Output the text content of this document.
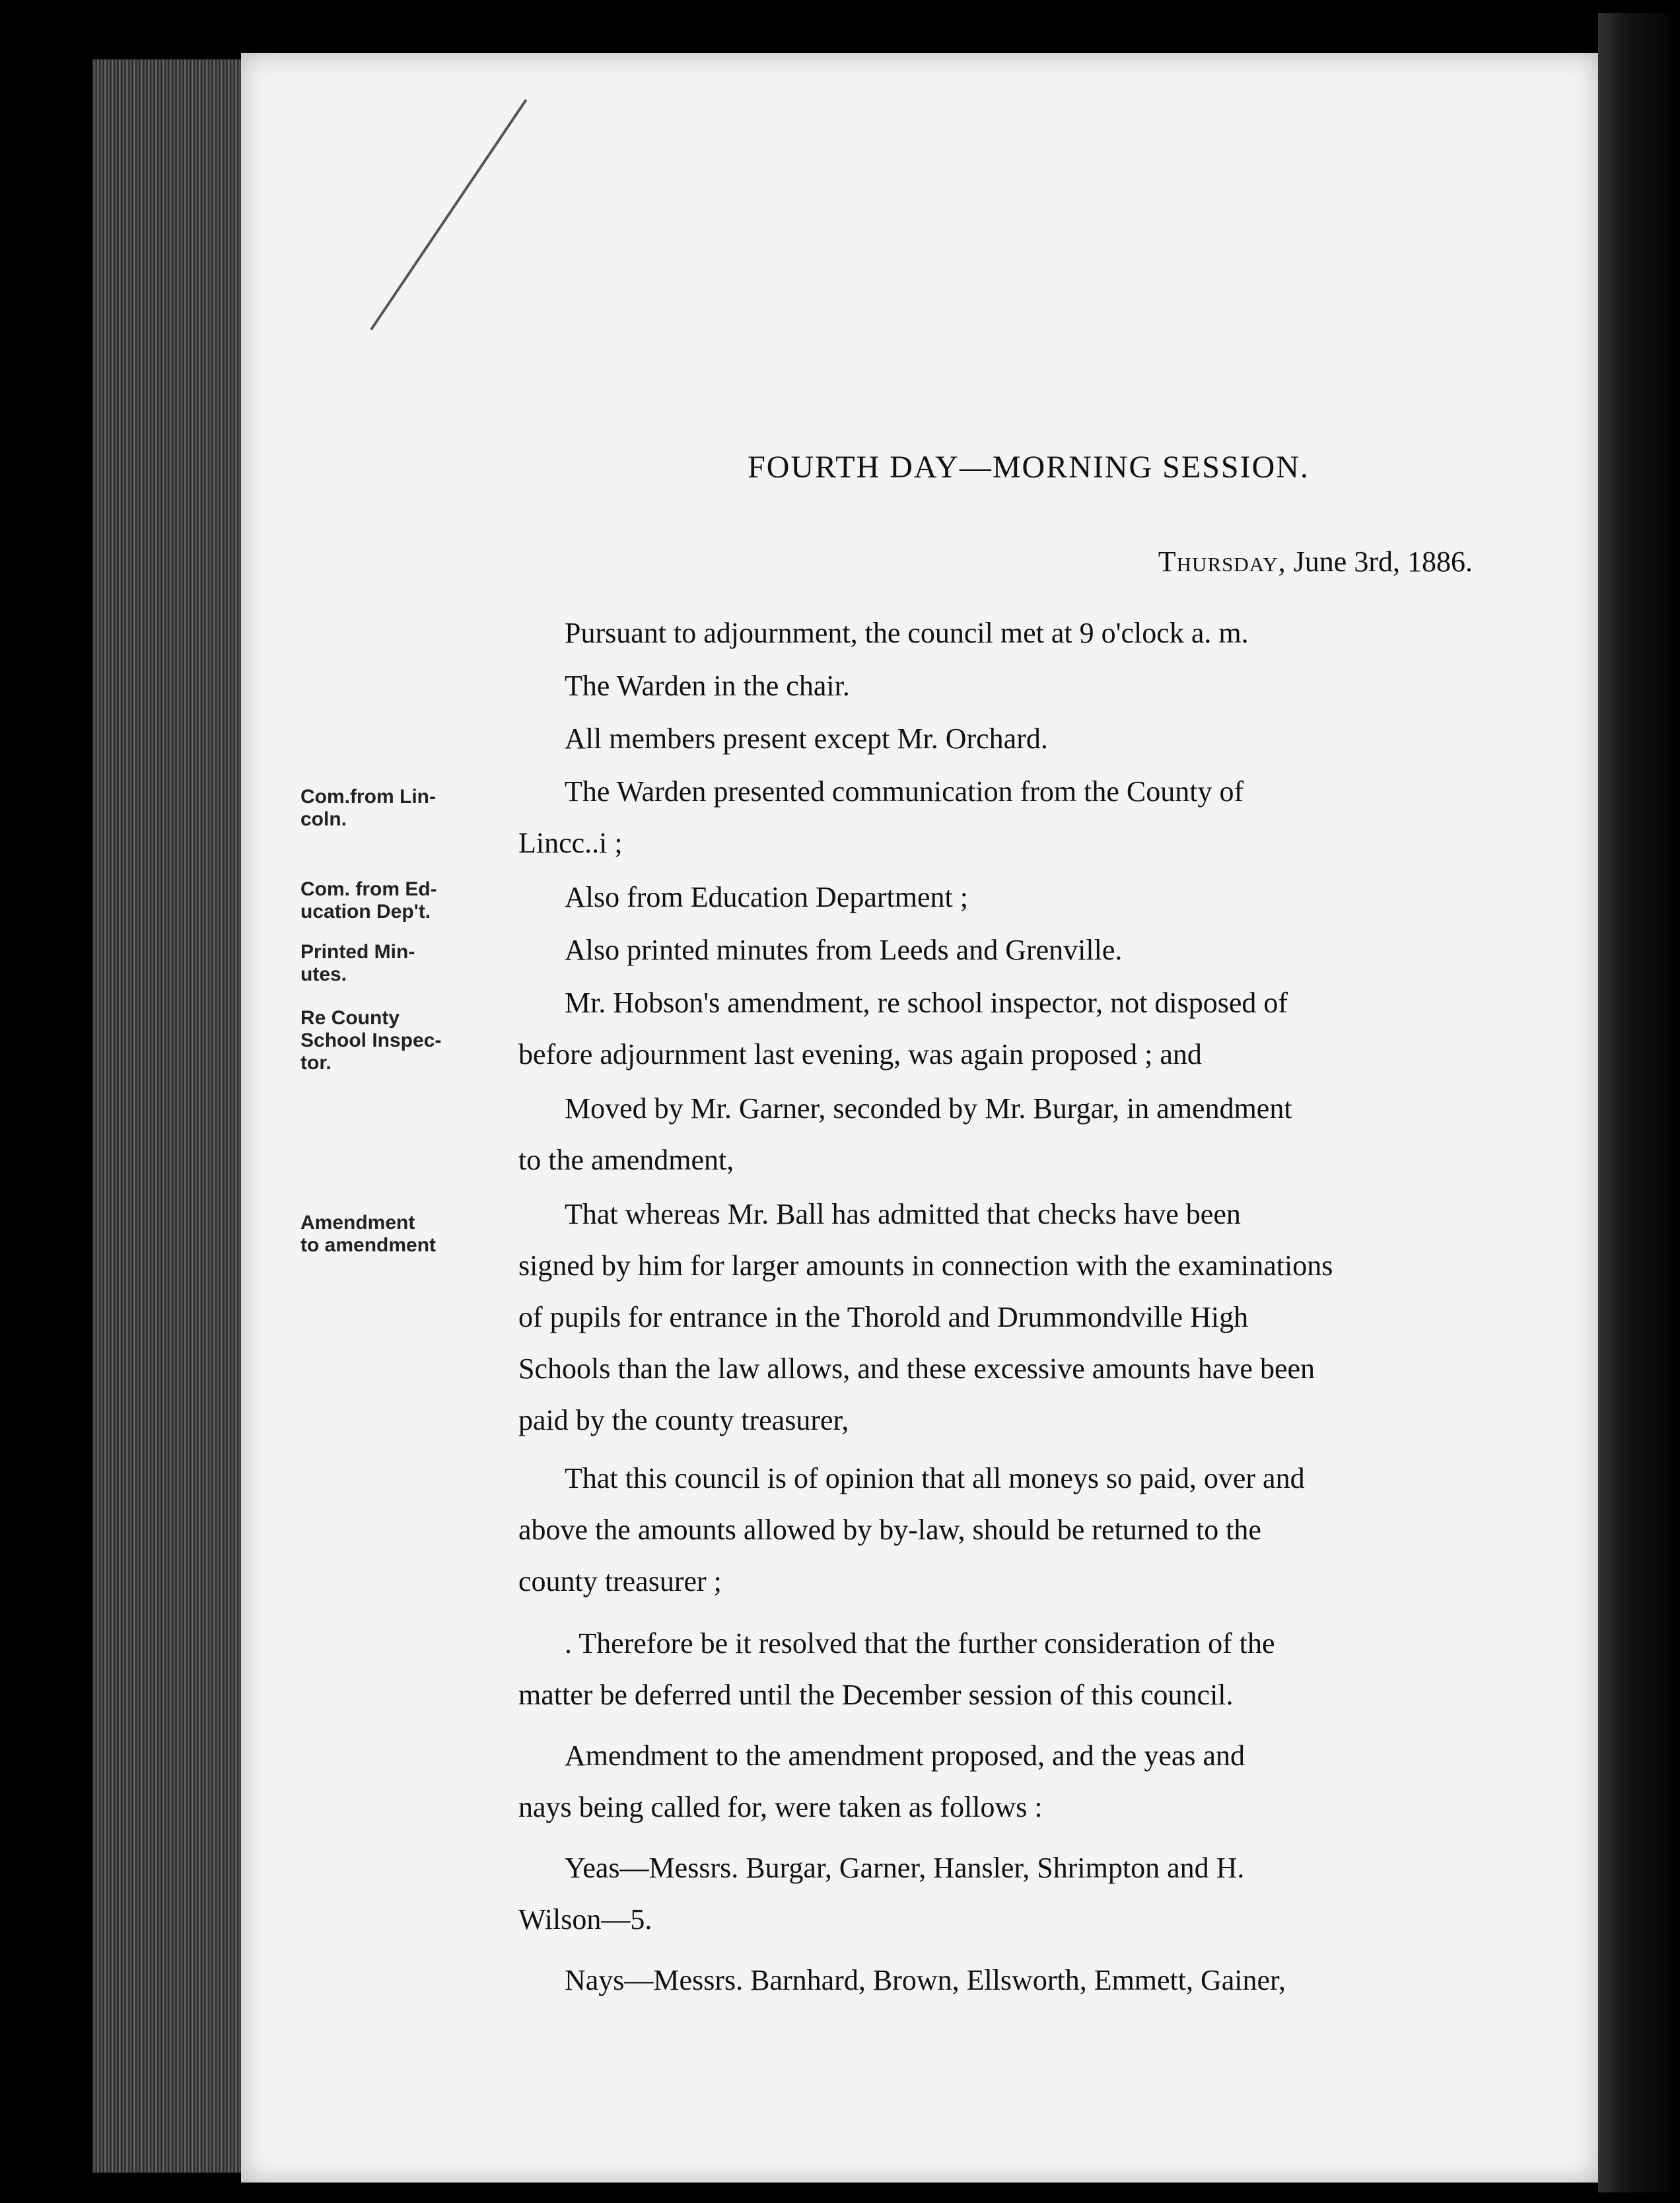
FOURTH DAY—MORNING SESSION.
Thursday, June 3rd, 1886.
Com.from Lin-
coln.
Com. from Ed-
ucation Dep't.
Printed Min-
utes.
Re County
School Inspec-
tor.
Amendment
to amendment
Pursuant to adjournment, the council met at 9 o'clock a. m.
The Warden in the chair.
All members present except Mr. Orchard.
The Warden presented communication from the County of
Lincc..i ;
Also from Education Department ;
Also printed minutes from Leeds and Grenville.
Mr. Hobson's amendment, re school inspector, not disposed of
before adjournment last evening, was again proposed ; and
Moved by Mr. Garner, seconded by Mr. Burgar, in amendment
to the amendment,
That whereas Mr. Ball has admitted that checks have been
signed by him for larger amounts in connection with the examinations
of pupils for entrance in the Thorold and Drummondville High
Schools than the law allows, and these excessive amounts have been
paid by the county treasurer,
That this council is of opinion that all moneys so paid, over and
above the amounts allowed by by-law, should be returned to the
county treasurer ;
. Therefore be it resolved that the further consideration of the
matter be deferred until the December session of this council.
Amendment to the amendment proposed, and the yeas and
nays being called for, were taken as follows :
Yeas—Messrs. Burgar, Garner, Hansler, Shrimpton and H.
Wilson—5.
Nays—Messrs. Barnhard, Brown, Ellsworth, Emmett, Gainer,
